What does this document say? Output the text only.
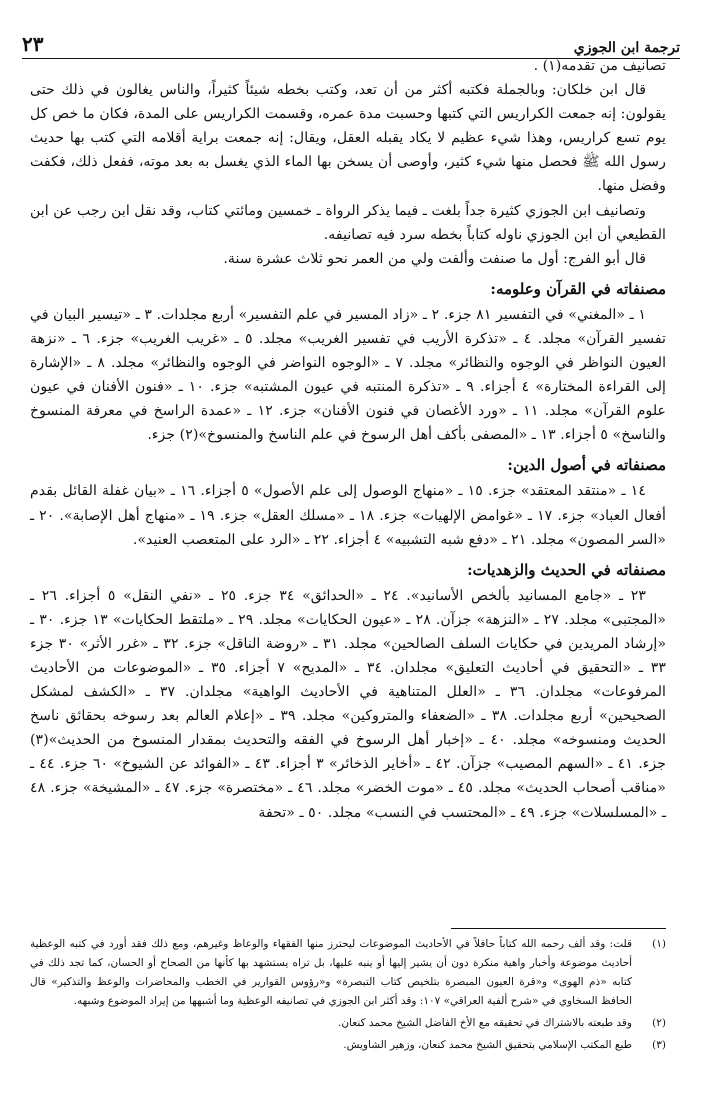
ترجمة ابن الجوزي
٢٣

تصانيف من تقدمه(١) .

قال ابن خلكان: وبالجملة فكتبه أكثر من أن تعد، وكتب بخطه شيئاً كثيراً، والناس يغالون في ذلك حتى يقولون: إنه جمعت الكراريس التي كتبها وحسبت مدة عمره، وقسمت الكراريس على المدة، فكان ما خص كل يوم تسع كراريس، وهذا شيء عظيم لا يكاد يقبله العقل، ويقال: إنه جمعت براية أقلامه التي كتب بها حديث رسول الله ﷺ فحصل منها شيء كثير، وأوصى أن يسخن بها الماء الذي يغسل به بعد موته، ففعل ذلك، فكفت وفضل منها.

وتصانيف ابن الجوزي كثيرة جداً بلغت ـ فيما يذكر الرواة ـ خمسين ومائتي كتاب، وقد نقل ابن رجب عن ابن القطيعي أن ابن الجوزي ناوله كتاباً بخطه سرد فيه تصانيفه.

قال أبو الفرج: أول ما صنفت وألفت ولي من العمر نحو ثلاث عشرة سنة.

مصنفاته في القرآن وعلومه:

١ ـ «المغني» في التفسير ٨١ جزء. ٢ ـ «زاد المسير في علم التفسير» أربع مجلدات. ٣ ـ «تيسير البيان في تفسير القرآن» مجلد. ٤ ـ «تذكرة الأريب في تفسير الغريب» مجلد. ٥ ـ «غريب الغريب» جزء. ٦ ـ «نزهة العيون النواظر في الوجوه والنظائر» مجلد. ٧ ـ «الوجوه النواضر في الوجوه والنظائر» مجلد. ٨ ـ «الإشارة إلى القراءة المختارة» ٤ أجزاء. ٩ ـ «تذكرة المنتبه في عيون المشتبه» جزء. ١٠ ـ «فنون الأفنان في عيون علوم القرآن» مجلد. ١١ ـ «ورد الأغصان في فنون الأفنان» جزء. ١٢ ـ «عمدة الراسخ في معرفة المنسوخ والناسخ» ٥ أجزاء. ١٣ ـ «المصفى بأكف أهل الرسوخ في علم الناسخ والمنسوخ»(٢) جزء.

مصنفاته في أصول الدين:

١٤ ـ «منتقد المعتقد» جزء. ١٥ ـ «منهاج الوصول إلى علم الأصول» ٥ أجزاء. ١٦ ـ «بيان غفلة القائل بقدم أفعال العباد» جزء. ١٧ ـ «غوامض الإلهيات» جزء. ١٨ ـ «مسلك العقل» جزء. ١٩ ـ «منهاج أهل الإصابة». ٢٠ ـ «السر المصون» مجلد. ٢١ ـ «دفع شبه التشبيه» ٤ أجزاء. ٢٢ ـ «الرد على المتعصب العنيد».

مصنفاته في الحديث والزهديات:

٢٣ ـ «جامع المسانيد بألخص الأسانيد». ٢٤ ـ «الحدائق» ٣٤ جزء. ٢٥ ـ «نفي النقل» ٥ أجزاء. ٢٦ ـ «المجتبى» مجلد. ٢٧ ـ «النزهة» جزآن. ٢٨ ـ «عيون الحكايات» مجلد. ٢٩ ـ «ملتقط الحكايات» ١٣ جزء. ٣٠ ـ «إرشاد المريدين في حكايات السلف الصالحين» مجلد. ٣١ ـ «روضة الناقل» جزء. ٣٢ ـ «غرر الأثر» ٣٠ جزء ٣٣ ـ «التحقيق في أحاديث التعليق» مجلدان. ٣٤ ـ «المديح» ٧ أجزاء. ٣٥ ـ «الموضوعات من الأحاديث المرفوعات» مجلدان. ٣٦ ـ «العلل المتناهية في الأحاديث الواهية» مجلدان. ٣٧ ـ «الكشف لمشكل الصحيحين» أربع مجلدات. ٣٨ ـ «الضعفاء والمتروكين» مجلد. ٣٩ ـ «إعلام العالم بعد رسوخه بحقائق ناسخ الحديث ومنسوخه» مجلد. ٤٠ ـ «إخبار أهل الرسوخ في الفقه والتحديث بمقدار المنسوخ من الحديث»(٣) جزء. ٤١ ـ «السهم المصيب» جزآن. ٤٢ ـ «أخاير الذخائر» ٣ أجزاء. ٤٣ ـ «الفوائد عن الشيوخ» ٦٠ جزء. ٤٤ ـ «مناقب أصحاب الحديث» مجلد. ٤٥ ـ «موت الخضر» مجلد. ٤٦ ـ «مختصرة» جزء. ٤٧ ـ «المشيخة» جزء. ٤٨ ـ «المسلسلات» جزء. ٤٩ ـ «المحتسب في النسب» مجلد. ٥٠ ـ «تحفة

(١)
قلت: وقد ألف رحمه الله كتاباً حافلاً في الأحاديث الموضوعات ليحترز منها الفقهاء والوعاظ وغيرهم، ومع ذلك فقد أورد في كتبه الوعظية أحاديث موضوعة وأخبار واهية منكرة دون أن يشير إليها أو ينبه عليها، بل تراه يستشهد بها كأنها من الصحاح أو الحسان، كما تجد ذلك في كتابه «ذم الهوى» و«قرة العيون المبصرة بتلخيص كتاب التبصرة» و«رؤوس القوارير في الخطب والمحاضرات والوعظ والتذكير» قال الحافظ السخاوي في «شرح ألفية العراقي» ١٠٧: وقد أكثر ابن الجوزي في تصانيفه الوعظية وما أشبهها من إيراد الموضوع وشبهه.
(٢)
وقد طبعته بالاشتراك في تحقيقه مع الأخ الفاضل الشيخ محمد كنعان.
(٣)
طبع المكتب الإسلامي بتحقيق الشيخ محمد كنعان، وزهير الشاويش.
